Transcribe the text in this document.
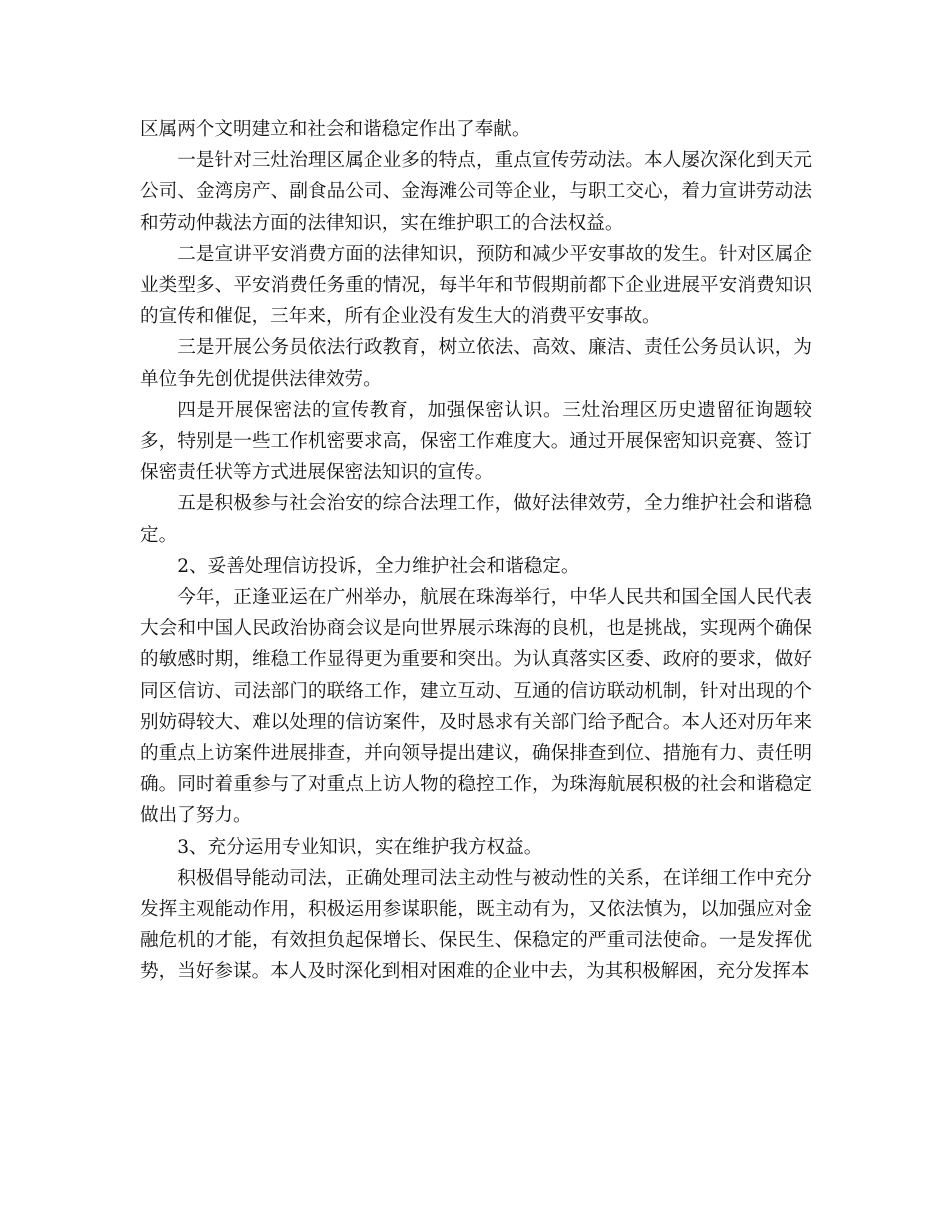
区属两个文明建立和社会和谐稳定作出了奉献。

一是针对三灶治理区属企业多的特点，重点宣传劳动法。本人屡次深化到天元公司、金湾房产、副食品公司、金海滩公司等企业，与职工交心，着力宣讲劳动法和劳动仲裁法方面的法律知识，实在维护职工的合法权益。

二是宣讲平安消费方面的法律知识，预防和减少平安事故的发生。针对区属企业类型多、平安消费任务重的情况，每半年和节假期前都下企业进展平安消费知识的宣传和催促，三年来，所有企业没有发生大的消费平安事故。

三是开展公务员依法行政教育，树立依法、高效、廉洁、责任公务员认识，为单位争先创优提供法律效劳。

四是开展保密法的宣传教育，加强保密认识。三灶治理区历史遗留征询题较多，特别是一些工作机密要求高，保密工作难度大。通过开展保密知识竞赛、签订保密责任状等方式进展保密法知识的宣传。

五是积极参与社会治安的综合法理工作，做好法律效劳，全力维护社会和谐稳定。

2、妥善处理信访投诉，全力维护社会和谐稳定。

今年，正逢亚运在广州举办，航展在珠海举行，中华人民共和国全国人民代表大会和中国人民政治协商会议是向世界展示珠海的良机，也是挑战，实现两个确保的敏感时期，维稳工作显得更为重要和突出。为认真落实区委、政府的要求，做好同区信访、司法部门的联络工作，建立互动、互通的信访联动机制，针对出现的个别妨碍较大、难以处理的信访案件，及时恳求有关部门给予配合。本人还对历年来的重点上访案件进展排查，并向领导提出建议，确保排查到位、措施有力、责任明确。同时着重参与了对重点上访人物的稳控工作，为珠海航展积极的社会和谐稳定做出了努力。

3、充分运用专业知识，实在维护我方权益。

积极倡导能动司法，正确处理司法主动性与被动性的关系，在详细工作中充分发挥主观能动作用，积极运用参谋职能，既主动有为，又依法慎为，以加强应对金融危机的才能，有效担负起保增长、保民生、保稳定的严重司法使命。一是发挥优势，当好参谋。本人及时深化到相对困难的企业中去，为其积极解困，充分发挥本
